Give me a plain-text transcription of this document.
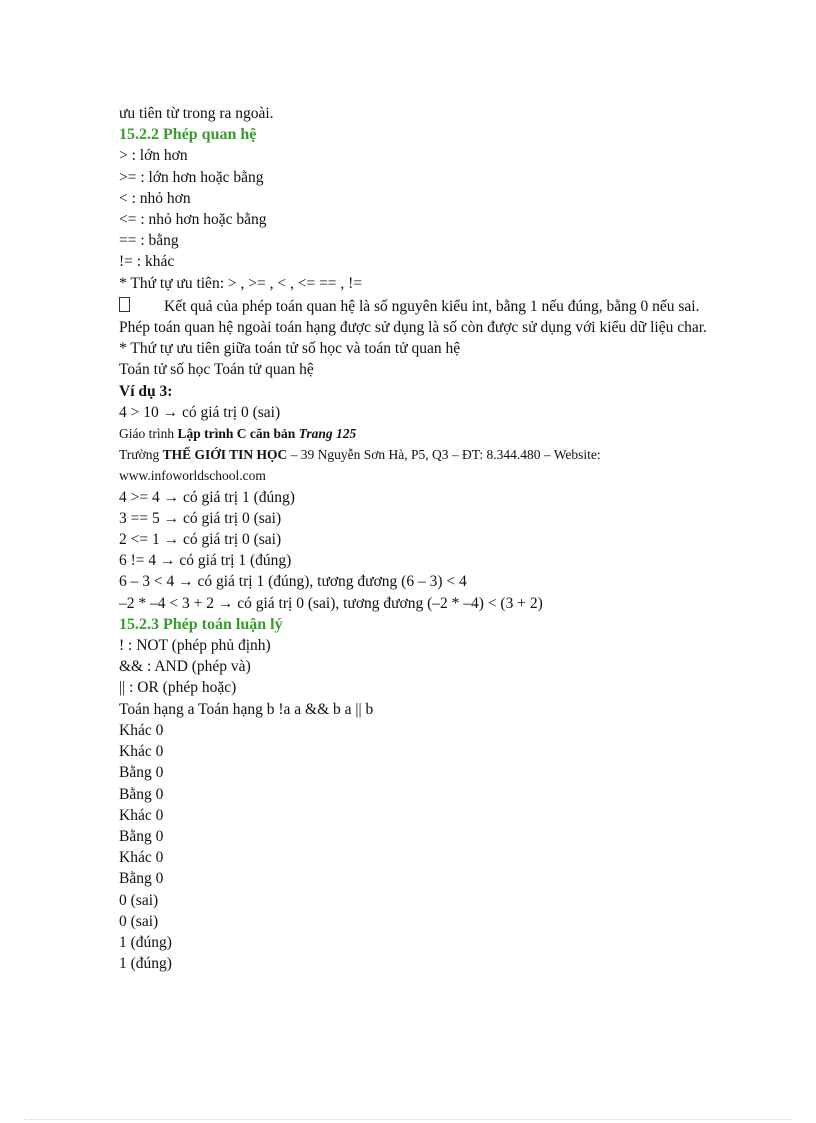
ưu tiên từ trong ra ngoài.
15.2.2 Phép quan hệ
> : lớn hơn
>= : lớn hơn hoặc bằng
< : nhỏ hơn
<= : nhỏ hơn hoặc bằng
== : bằng
!= : khác
* Thứ tự ưu tiên: > , >= , < , <= == , !=
Kết quả của phép toán quan hệ là số nguyên kiểu int, bằng 1 nếu đúng, bằng 0 nếu sai.
Phép toán quan hệ ngoài toán hạng được sử dụng là số còn được sử dụng với kiểu dữ liệu char.
* Thứ tự ưu tiên giữa toán tử số học và toán tử quan hệ
Toán tử số học Toán tử quan hệ
Ví dụ 3:
4 > 10 → có giá trị 0 (sai)
Giáo trình Lập trình C căn bản Trang 125
Trường THẾ GIỚI TIN HỌC – 39 Nguyễn Sơn Hà, P5, Q3 – ĐT: 8.344.480 – Website:
www.infoworldschool.com
4 >= 4 → có giá trị 1 (đúng)
3 == 5 → có giá trị 0 (sai)
2 <= 1 → có giá trị 0 (sai)
6 != 4 → có giá trị 1 (đúng)
6 – 3 < 4 → có giá trị 1 (đúng), tương đương (6 – 3) < 4
–2 * –4 < 3 + 2 → có giá trị 0 (sai), tương đương (–2 * –4) < (3 + 2)
15.2.3 Phép toán luận lý
! : NOT (phép phủ định)
&& : AND (phép và)
|| : OR (phép hoặc)
Toán hạng a Toán hạng b !a a && b a || b
Khác 0
Khác 0
Bằng 0
Bằng 0
Khác 0
Bằng 0
Khác 0
Bằng 0
0 (sai)
0 (sai)
1 (đúng)
1 (đúng)
